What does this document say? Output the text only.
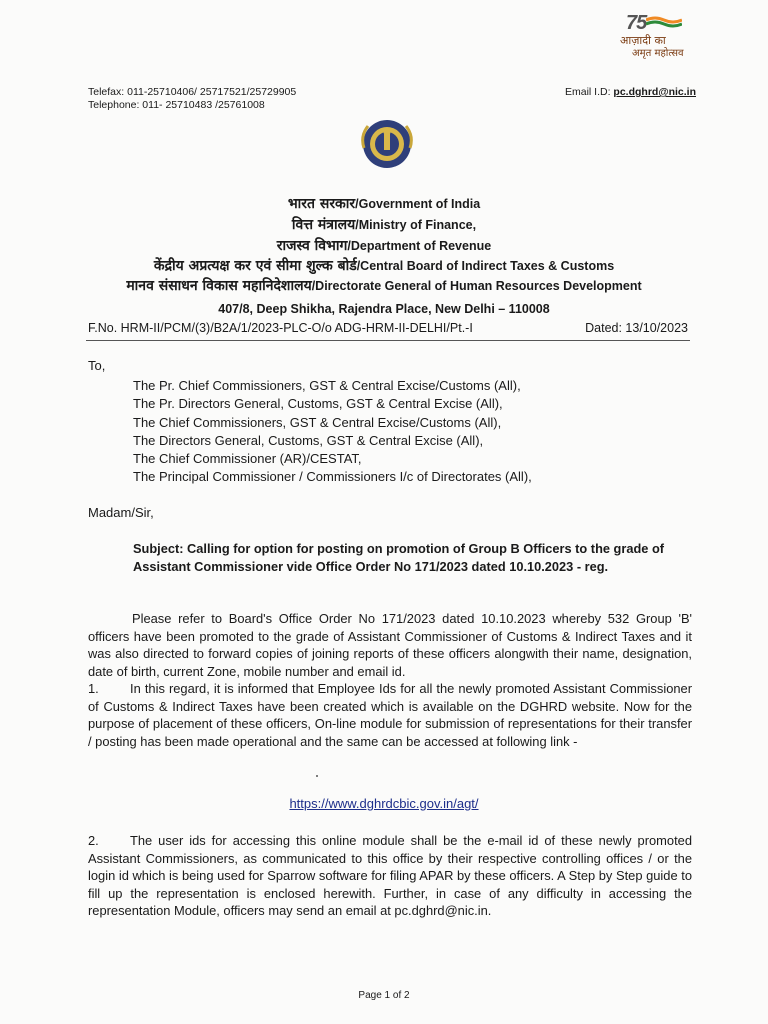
75
आज़ादी का
अमृत महोत्सव
Telefax: 011-25710406/ 25717521/25729905
Telephone: 011- 25710483 /25761008
Email I.D: pc.dghrd@nic.in
भारत सरकार/Government of India
वित्त मंत्रालय/Ministry of Finance,
राजस्व विभाग/Department of Revenue
केंद्रीय अप्रत्यक्ष कर एवं सीमा शुल्क बोर्ड/Central Board of Indirect Taxes & Customs
मानव संसाधन विकास महानिदेशालय/Directorate General of Human Resources Development
407/8, Deep Shikha, Rajendra Place, New Delhi – 110008
F.No. HRM-II/PCM/(3)/B2A/1/2023-PLC-O/o ADG-HRM-II-DELHI/Pt.-I	Dated: 13/10/2023
To,
The Pr. Chief Commissioners, GST & Central Excise/Customs (All),
The Pr. Directors General, Customs, GST & Central Excise (All),
The Chief Commissioners, GST & Central Excise/Customs (All),
The Directors General, Customs, GST & Central Excise (All),
The Chief Commissioner (AR)/CESTAT,
The Principal Commissioner / Commissioners I/c of Directorates (All),
Madam/Sir,
Subject: Calling for option for posting on promotion of Group B Officers to the grade of Assistant Commissioner vide Office Order No 171/2023 dated 10.10.2023 - reg.
Please refer to Board's Office Order No 171/2023 dated 10.10.2023 whereby 532 Group 'B' officers have been promoted to the grade of Assistant Commissioner of Customs & Indirect Taxes and it was also directed to forward copies of joining reports of these officers alongwith their name, designation, date of birth, current Zone, mobile number and email id.
1. In this regard, it is informed that Employee Ids for all the newly promoted Assistant Commissioner of Customs & Indirect Taxes have been created which is available on the DGHRD website. Now for the purpose of placement of these officers, On-line module for submission of representations for their transfer / posting has been made operational and the same can be accessed at following link -
https://www.dghrdcbic.gov.in/agt/
2. The user ids for accessing this online module shall be the e-mail id of these newly promoted Assistant Commissioners, as communicated to this office by their respective controlling offices / or the login id which is being used for Sparrow software for filing APAR by these officers. A Step by Step guide to fill up the representation is enclosed herewith. Further, in case of any difficulty in accessing the representation Module, officers may send an email at pc.dghrd@nic.in.
Page 1 of 2
